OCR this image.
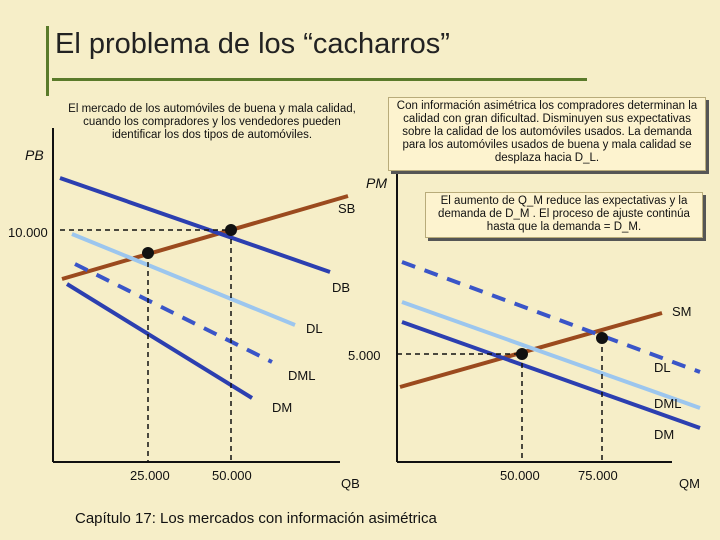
El problema de los “cacharros”
El mercado de los automóviles de buena y mala calidad, cuando los compradores y los vendedores pueden identificar los dos tipos de automóviles.
Con información asimétrica los compradores determinan la calidad con gran dificultad. Disminuyen sus expectativas sobre la calidad de los automóviles usados. La demanda para los automóviles usados de buena y mala calidad se desplaza hacia D_L.
El aumento de Q_M reduce las expectativas y la demanda de D_M . El proceso de ajuste continúa hasta que la demanda = D_M.
PB
10.000
25.000	50.000
QB
SB
DB
DL
DML
DM
PM
5.000
50.000	75.000
QM
SM
DL
DML
DM
Capítulo 17: Los mercados con información asimétrica
